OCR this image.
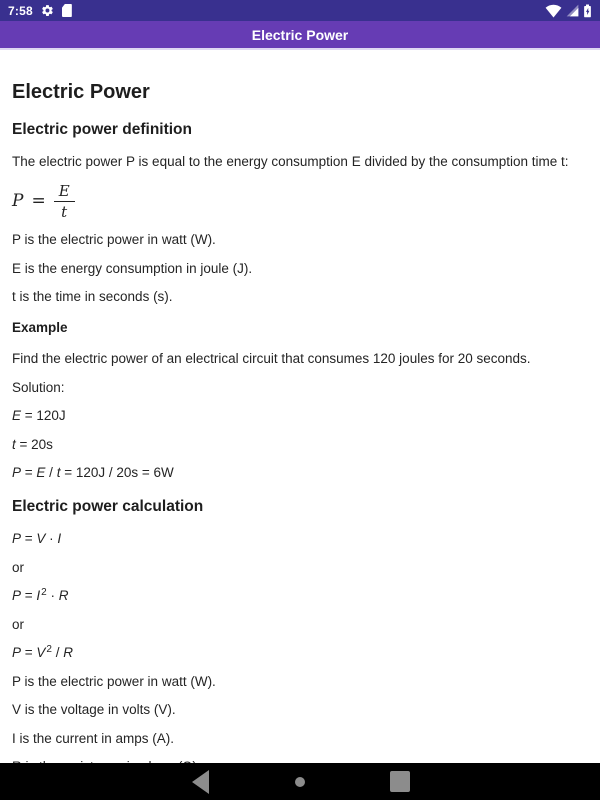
7:58
Electric Power
Electric Power
Electric power definition

The electric power P is equal to the energy consumption E divided by the consumption time t:

$P = \frac{E}{t}$

P is the electric power in watt (W).

E is the energy consumption in joule (J).

t is the time in seconds (s).

Example

Find the electric power of an electrical circuit that consumes 120 joules for 20 seconds.

Solution:

E = 120J

t = 20s

P = E / t = 120J / 20s = 6W

Electric power calculation

P = V · I

or

$P = I^2 \cdot R$

or

$P = V^2 / R$

P is the electric power in watt (W).

V is the voltage in volts (V).

I is the current in amps (A).
